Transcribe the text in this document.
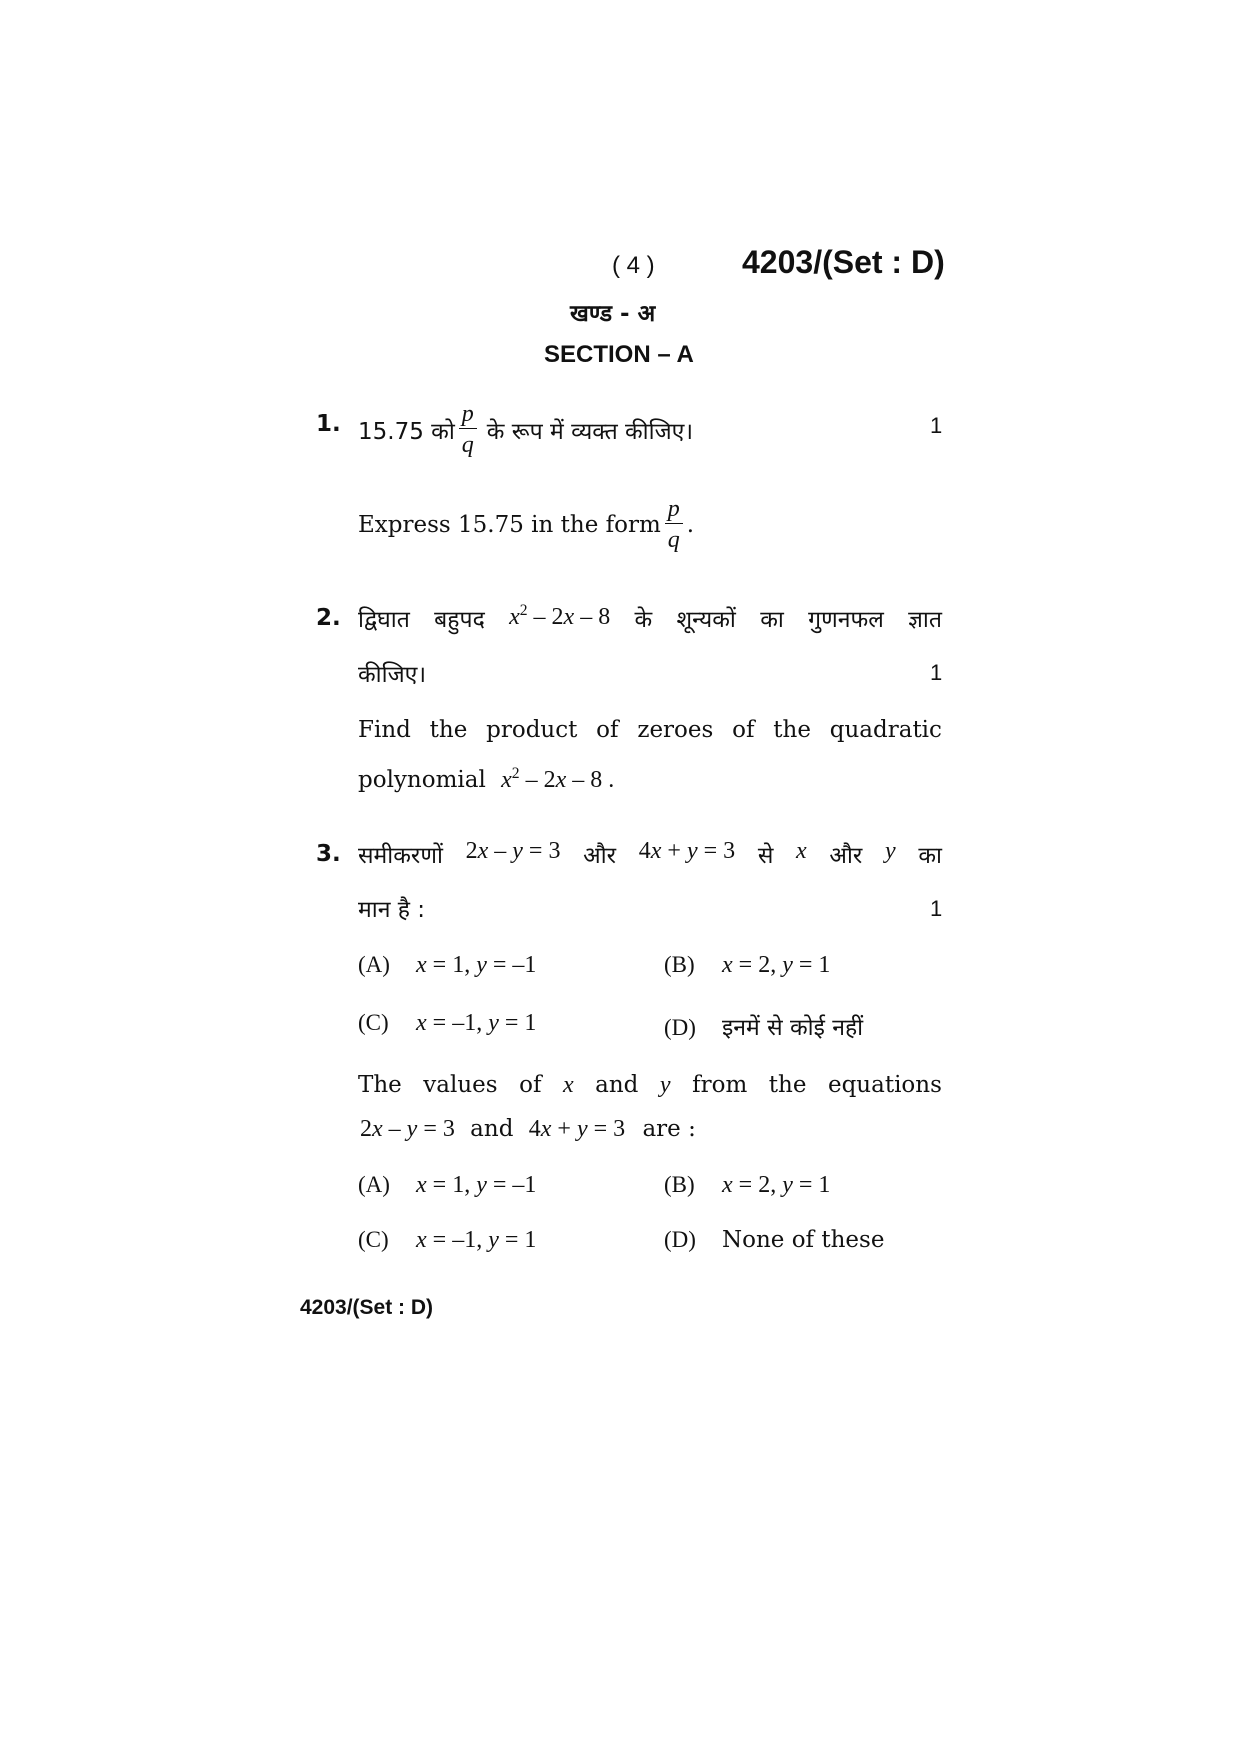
( 4 )	4203/(Set : D)
खण्ड - अ
SECTION – A
1. 15.75 को $\frac{p}{q}$ के रूप में व्यक्त कीजिए।	1
Express 15.75 in the form $\frac{p}{q}$ .
2. द्विघात बहुपद $x^2 - 2x - 8$ के शून्यकों का गुणनफल ज्ञात
कीजिए।	1
Find the product of zeroes of the quadratic
polynomial $x^2 - 2x - 8$ .
3. समीकरणों 2x – y = 3 और 4x + y = 3 से x और y का
मान है :	1
(A) x = 1, y = –1	(B) x = 2, y = 1
(C) x = –1, y = 1	(D) इनमें से कोई नहीं
The values of x and y from the equations
2x – y = 3 and 4x + y = 3 are :
(A) x = 1, y = –1	(B) x = 2, y = 1
(C) x = –1, y = 1	(D) None of these
4203/(Set : D)
